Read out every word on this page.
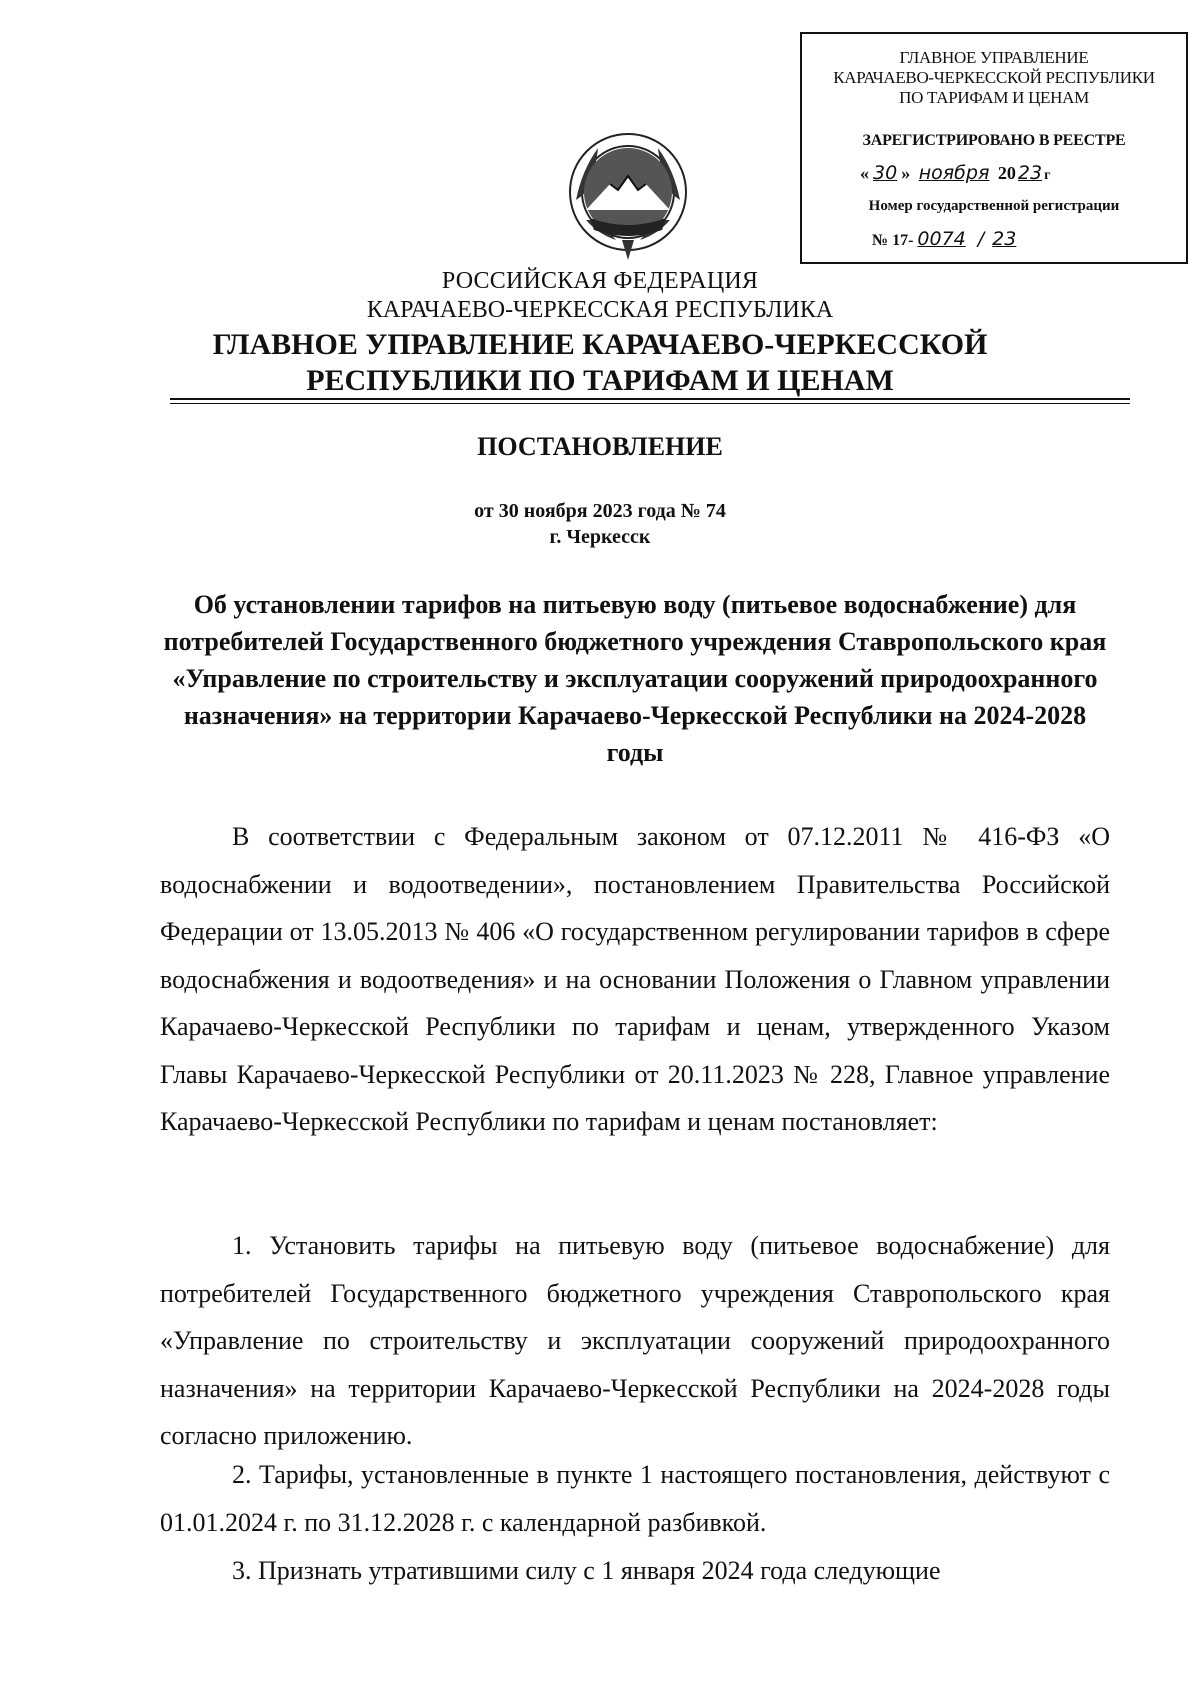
ГЛАВНОЕ УПРАВЛЕНИЕ
КАРАЧАЕВО-ЧЕРКЕССКОЙ РЕСПУБЛИКИ
ПО ТАРИФАМ И ЦЕНАМ
ЗАРЕГИСТРИРОВАНО В РЕЕСТРЕ
« 30 » ноября 20 23 г
Номер государственной регистрации
№ 17- 0074 / 23
РОССИЙСКАЯ ФЕДЕРАЦИЯ
КАРАЧАЕВО-ЧЕРКЕССКАЯ РЕСПУБЛИКА
ГЛАВНОЕ УПРАВЛЕНИЕ КАРАЧАЕВО-ЧЕРКЕССКОЙ
РЕСПУБЛИКИ ПО ТАРИФАМ И ЦЕНАМ
ПОСТАНОВЛЕНИЕ
от 30 ноября 2023 года № 74
г. Черкесск
Об установлении тарифов на питьевую воду (питьевое водоснабжение) для потребителей Государственного бюджетного учреждения Ставропольского края «Управление по строительству и эксплуатации сооружений природоохранного назначения» на территории Карачаево-Черкесской Республики на 2024-2028 годы

В соответствии с Федеральным законом от 07.12.2011 № 416-ФЗ «О водоснабжении и водоотведении», постановлением Правительства Российской Федерации от 13.05.2013 № 406 «О государственном регулировании тарифов в сфере водоснабжения и водоотведения» и на основании Положения о Главном управлении Карачаево-Черкесской Республики по тарифам и ценам, утвержденного Указом Главы Карачаево-Черкесской Республики от 20.11.2023 № 228, Главное управление Карачаево-Черкесской Республики по тарифам и ценам постановляет:

1. Установить тарифы на питьевую воду (питьевое водоснабжение) для потребителей Государственного бюджетного учреждения Ставропольского края «Управление по строительству и эксплуатации сооружений природоохранного назначения» на территории Карачаево-Черкесской Республики на 2024-2028 годы согласно приложению.

2. Тарифы, установленные в пункте 1 настоящего постановления, действуют с 01.01.2024 г. по 31.12.2028 г. с календарной разбивкой.

3. Признать утратившими силу с 1 января 2024 года следующие
